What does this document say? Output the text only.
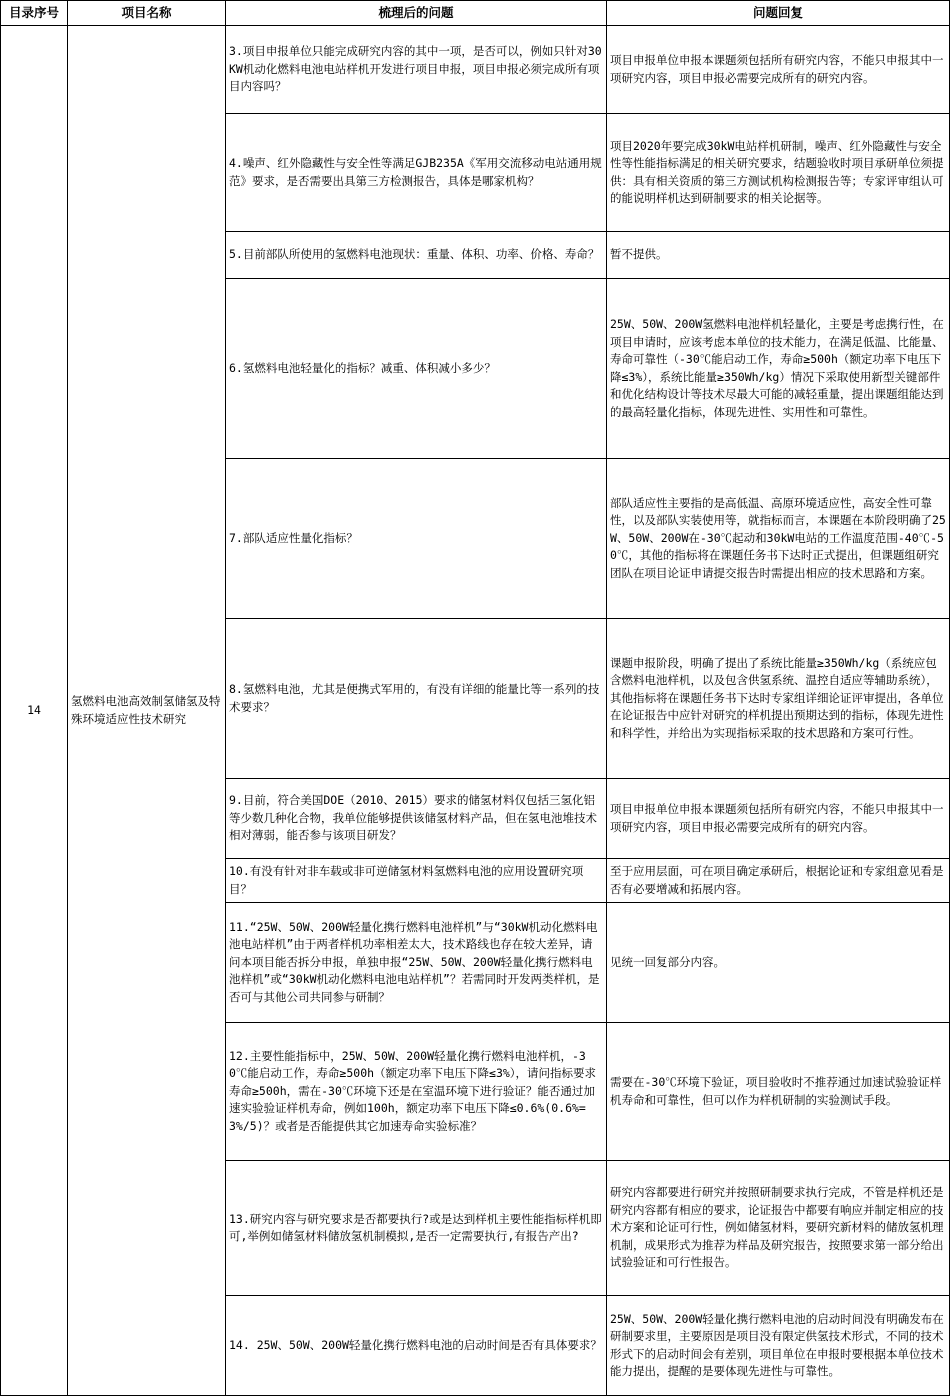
目录序号	项目名称	梳理后的问题	问题回复
14	氢燃料电池高效制氢储氢及特殊环境适应性技术研究	3.项目申报单位只能完成研究内容的其中一项，是否可以，例如只针对30KW机动化燃料电池电站样机开发进行项目申报，项目申报必须完成所有项目内容吗？	项目申报单位申报本课题须包括所有研究内容，不能只申报其中一项研究内容，项目申报必需要完成所有的研究内容。
		4.噪声、红外隐藏性与安全性等满足GJB235A《军用交流移动电站通用规范》要求，是否需要出具第三方检测报告，具体是哪家机构？	项目2020年要完成30kW电站样机研制，噪声、红外隐藏性与安全性等性能指标满足的相关研究要求，结题验收时项目承研单位须提供：具有相关资质的第三方测试机构检测报告等；专家评审组认可的能说明样机达到研制要求的相关论据等。
		5.目前部队所使用的氢燃料电池现状：重量、体积、功率、价格、寿命？	暂不提供。
		6.氢燃料电池轻量化的指标？减重、体积减小多少？	25W、50W、200W氢燃料电池样机轻量化，主要是考虑携行性，在项目申请时，应该考虑本单位的技术能力，在满足低温、比能量、寿命可靠性（-30℃能启动工作，寿命≥500h（额定功率下电压下降≤3%），系统比能量≥350Wh/kg）情况下采取使用新型关键部件和优化结构设计等技术尽最大可能的减轻重量，提出课题组能达到的最高轻量化指标，体现先进性、实用性和可靠性。
		7.部队适应性量化指标？	部队适应性主要指的是高低温、高原环境适应性，高安全性可靠性，以及部队实装使用等，就指标而言，本课题在本阶段明确了25W、50W、200W在-30℃起动和30kW电站的工作温度范围-40℃-50℃，其他的指标将在课题任务书下达时正式提出，但课题组研究团队在项目论证申请提交报告时需提出相应的技术思路和方案。
		8.氢燃料电池，尤其是便携式军用的，有没有详细的能量比等一系列的技术要求？	课题申报阶段，明确了提出了系统比能量≥350Wh/kg（系统应包含燃料电池样机，以及包含供氢系统、温控自适应等辅助系统），其他指标将在课题任务书下达时专家组详细论证评审提出，各单位在论证报告中应针对研究的样机提出预期达到的指标，体现先进性和科学性，并给出为实现指标采取的技术思路和方案可行性。
		9.目前，符合美国DOE（2010、2015）要求的储氢材料仅包括三氢化铝等少数几种化合物，我单位能够提供该储氢材料产品，但在氢电池堆技术相对薄弱，能否参与该项目研发？	项目申报单位申报本课题须包括所有研究内容，不能只申报其中一项研究内容，项目申报必需要完成所有的研究内容。
		10.有没有针对非车载或非可逆储氢材料氢燃料电池的应用设置研究项目？	至于应用层面，可在项目确定承研后，根据论证和专家组意见看是否有必要增减和拓展内容。
		11.“25W、50W、200W轻量化携行燃料电池样机”与“30kW机动化燃料电池电站样机”由于两者样机功率相差太大，技术路线也存在较大差异，请问本项目能否拆分申报，单独申报“25W、50W、200W轻量化携行燃料电池样机”或“30kW机动化燃料电池电站样机”？若需同时开发两类样机，是否可与其他公司共同参与研制？	见统一回复部分内容。
		12.主要性能指标中，25W、50W、200W轻量化携行燃料电池样机，-30℃能启动工作，寿命≥500h（额定功率下电压下降≤3%），请问指标要求寿命≥500h，需在-30℃环境下还是在室温环境下进行验证？能否通过加速实验验证样机寿命，例如100h，额定功率下电压下降≤0.6%(0.6%=3%/5)？或者是否能提供其它加速寿命实验标准？	需要在-30℃环境下验证，项目验收时不推荐通过加速试验验证样机寿命和可靠性，但可以作为样机研制的实验测试手段。
		13.研究内容与研究要求是否都要执行?或是达到样机主要性能指标样机即可,举例如储氢材料储放氢机制模拟,是否一定需要执行,有报告产出?	研究内容都要进行研究并按照研制要求执行完成，不管是样机还是研究内容都有相应的要求，论证报告中都要有响应并制定相应的技术方案和论证可行性，例如储氢材料，要研究新材料的储放氢机理机制，成果形式为推荐为样品及研究报告，按照要求第一部分给出试验验证和可行性报告。
		14. 25W、50W、200W轻量化携行燃料电池的启动时间是否有具体要求？	25W、50W、200W轻量化携行燃料电池的启动时间没有明确发布在研制要求里，主要原因是项目没有限定供氢技术形式，不同的技术形式下的启动时间会有差别，项目单位在申报时要根据本单位技术能力提出，提醒的是要体现先进性与可靠性。
